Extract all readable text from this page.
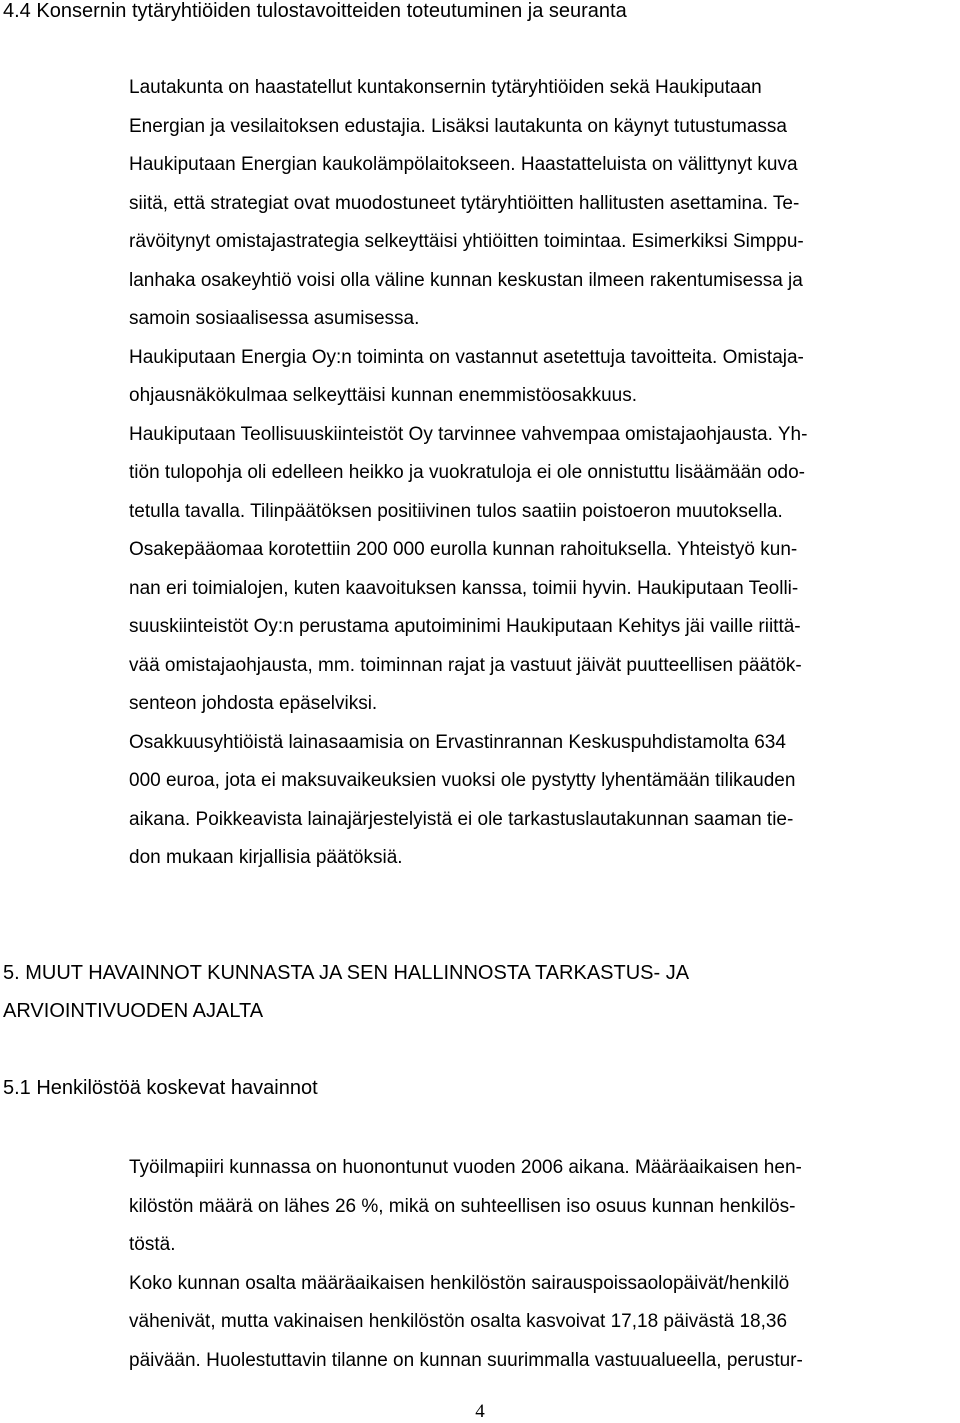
4.4 Konsernin tytäryhtiöiden tulostavoitteiden toteutuminen ja seuranta
Lautakunta on haastatellut kuntakonsernin tytäryhtiöiden sekä Haukiputaan
Energian ja vesilaitoksen edustajia. Lisäksi lautakunta on käynyt tutustumassa
Haukiputaan Energian kaukolämpölaitokseen. Haastatteluista on välittynyt kuva
siitä, että strategiat ovat muodostuneet tytäryhtiöitten hallitusten asettamina. Te-
rävöitynyt omistajastrategia selkeyttäisi yhtiöitten toimintaa. Esimerkiksi Simppu-
lanhaka osakeyhtiö voisi olla väline kunnan keskustan ilmeen rakentumisessa ja
samoin sosiaalisessa asumisessa.
Haukiputaan Energia Oy:n toiminta on vastannut asetettuja tavoitteita. Omistaja-
ohjausnäkökulmaa selkeyttäisi kunnan enemmistöosakkuus.
Haukiputaan Teollisuuskiinteistöt Oy tarvinnee vahvempaa omistajaohjausta. Yh-
tiön tulopohja oli edelleen heikko ja vuokratuloja ei ole onnistuttu lisäämään odo-
tetulla tavalla. Tilinpäätöksen positiivinen tulos saatiin poistoeron muutoksella.
Osakepääomaa korotettiin 200 000 eurolla kunnan rahoituksella. Yhteistyö kun-
nan eri toimialojen, kuten kaavoituksen kanssa, toimii hyvin. Haukiputaan Teolli-
suuskiinteistöt Oy:n perustama aputoiminimi Haukiputaan Kehitys jäi vaille riittä-
vää omistajaohjausta, mm. toiminnan rajat ja vastuut jäivät puutteellisen päätök-
senteon johdosta epäselviksi.
Osakkuusyhtiöistä lainasaamisia on Ervastinrannan Keskuspuhdistamolta 634
000 euroa, jota ei maksuvaikeuksien vuoksi ole pystytty lyhentämään tilikauden
aikana. Poikkeavista lainajärjestelyistä ei ole tarkastuslautakunnan saaman tie-
don mukaan kirjallisia päätöksiä.
5. MUUT HAVAINNOT KUNNASTA JA SEN HALLINNOSTA TARKASTUS- JA
ARVIOINTIVUODEN AJALTA
5.1 Henkilöstöä koskevat havainnot
Työilmapiiri kunnassa on huonontunut vuoden 2006 aikana. Määräaikaisen hen-
kilöstön määrä on lähes 26 %, mikä on suhteellisen iso osuus kunnan henkilös-
töstä.
Koko kunnan osalta määräaikaisen henkilöstön sairauspoissaolopäivät/henkilö
vähenivät, mutta vakinaisen henkilöstön osalta kasvoivat 17,18 päivästä 18,36
päivään. Huolestuttavin tilanne on kunnan suurimmalla vastuualueella, perustur-
4
